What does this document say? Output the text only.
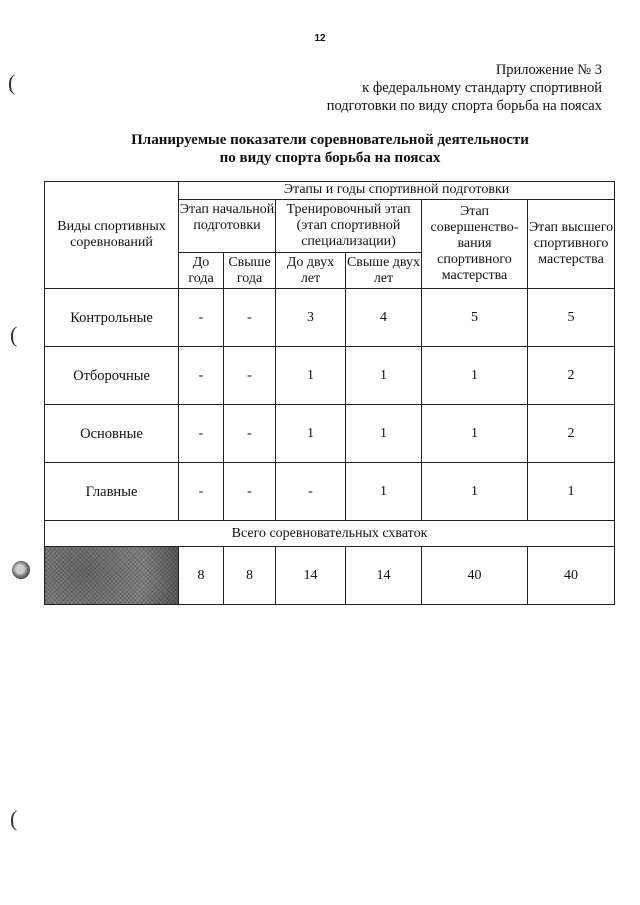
12
Приложение № 3
к федеральному стандарту спортивной
подготовки по виду спорта борьба на поясах
Планируемые показатели соревновательной деятельности
по виду спорта борьба на поясах
Виды спортивных соревнований	Этапы и годы спортивной подготовки					
	Этап начальной подготовки		Тренировочный этап (этап спортивной специализации)		Этап совершенство-вания спортивного мастерства	Этап высшего спортивного мастерства
	До года	Свыше года	До двух лет	Свыше двух лет		
Контрольные	-	-	3	4	5	5
Отборочные	-	-	1	1	1	2
Основные	-	-	1	1	1	2
Главные	-	-	-	1	1	1
Всего соревновательных схваток						
	8	8	14	14	40	40
(
(
(
